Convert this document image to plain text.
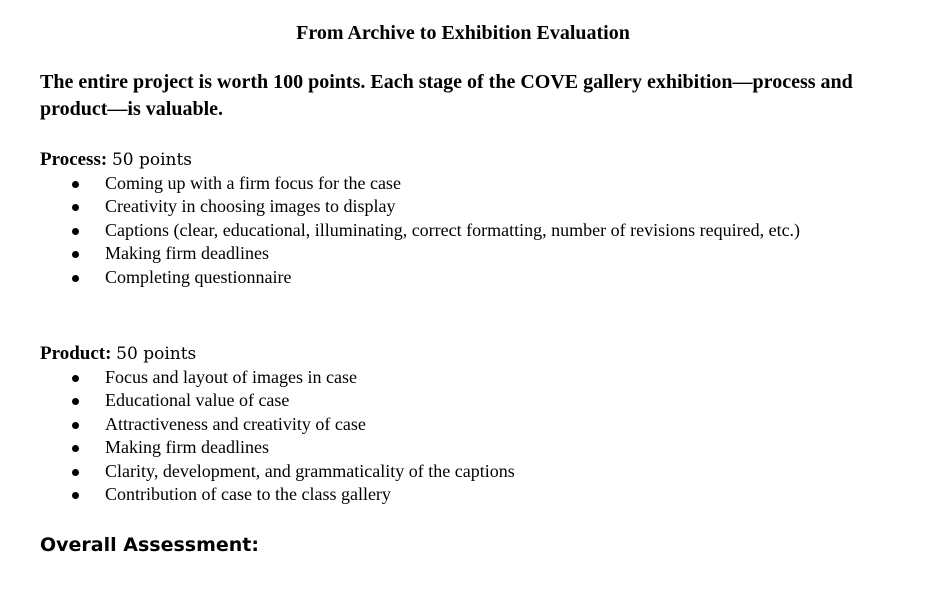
From Archive to Exhibition Evaluation

The entire project is worth 100 points. Each stage of the COVE gallery exhibition—process and product—is valuable.

Process: 50 points

Coming up with a firm focus for the case
Creativity in choosing images to display
Captions (clear, educational, illuminating, correct formatting, number of revisions required, etc.)
Making firm deadlines
Completing questionnaire

Product: 50 points

Focus and layout of images in case
Educational value of case
Attractiveness and creativity of case
Making firm deadlines
Clarity, development, and grammaticality of the captions
Contribution of case to the class gallery

Overall Assessment:
